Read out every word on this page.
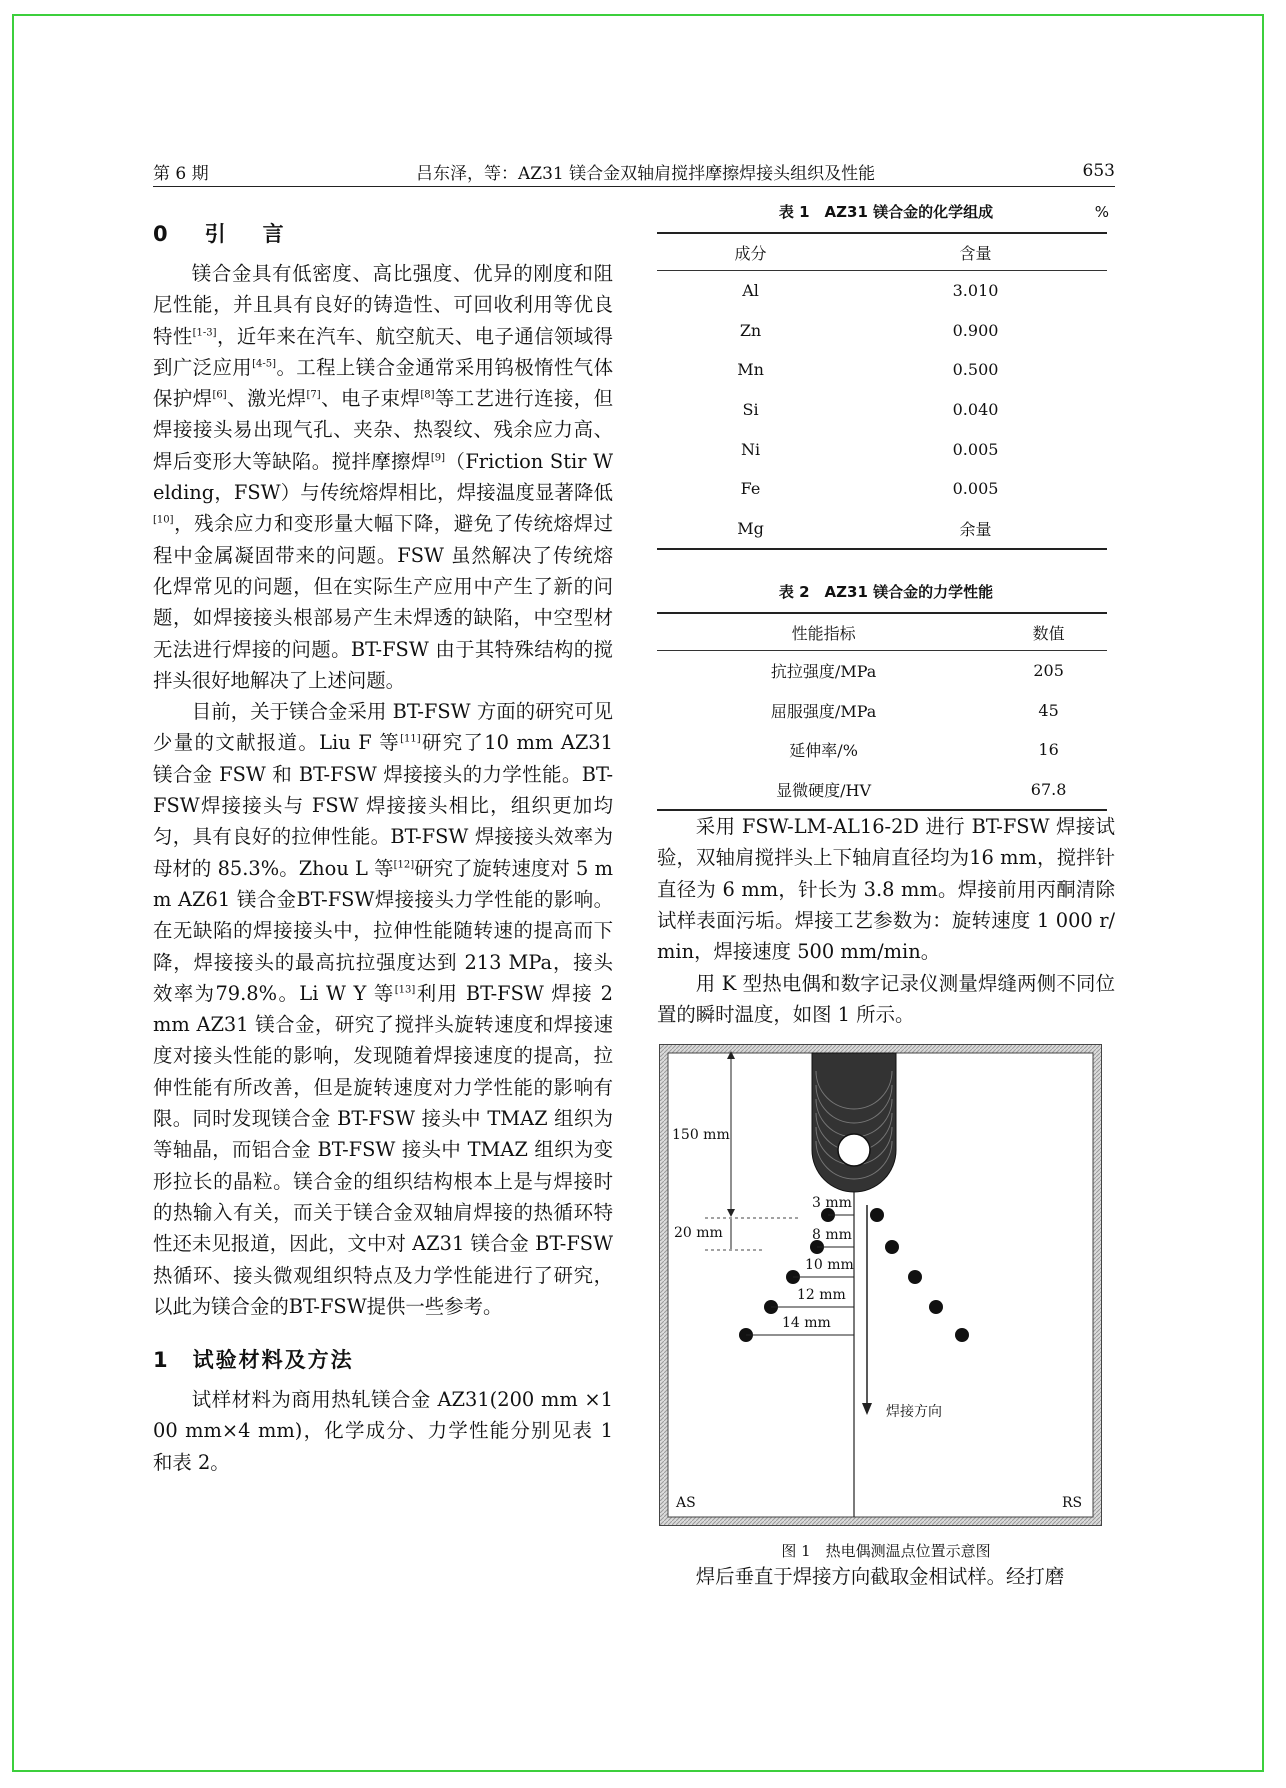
第 6 期	吕东泽，等：AZ31 镁合金双轴肩搅拌摩擦焊接头组织及性能	653
0　引　言

镁合金具有低密度、高比强度、优异的刚度和阻尼性能，并且具有良好的铸造性、可回收利用等优良特性[1-3]，近年来在汽车、航空航天、电子通信领域得到广泛应用[4-5]。工程上镁合金通常采用钨极惰性气体保护焊[6]、激光焊[7]、电子束焊[8]等工艺进行连接，但焊接接头易出现气孔、夹杂、热裂纹、残余应力高、焊后变形大等缺陷。搅拌摩擦焊[9]（Friction Stir Welding，FSW）与传统熔焊相比，焊接温度显著降低[10]，残余应力和变形量大幅下降，避免了传统熔焊过程中金属凝固带来的问题。FSW 虽然解决了传统熔化焊常见的问题，但在实际生产应用中产生了新的问题，如焊接接头根部易产生未焊透的缺陷，中空型材无法进行焊接的问题。BT-FSW 由于其特殊结构的搅拌头很好地解决了上述问题。

目前，关于镁合金采用 BT-FSW 方面的研究可见少量的文献报道。Liu F 等[11]研究了10 mm AZ31 镁合金 FSW 和 BT-FSW 焊接接头的力学性能。BT-FSW焊接接头与 FSW 焊接接头相比，组织更加均匀，具有良好的拉伸性能。BT-FSW 焊接接头效率为母材的 85.3%。Zhou L 等[12]研究了旋转速度对 5 mm AZ61 镁合金BT-FSW焊接接头力学性能的影响。在无缺陷的焊接接头中，拉伸性能随转速的提高而下降，焊接接头的最高抗拉强度达到 213 MPa，接头效率为79.8%。Li W Y 等[13]利用 BT-FSW 焊接 2 mm AZ31 镁合金，研究了搅拌头旋转速度和焊接速度对接头性能的影响，发现随着焊接速度的提高，拉伸性能有所改善，但是旋转速度对力学性能的影响有限。同时发现镁合金 BT-FSW 接头中 TMAZ 组织为等轴晶，而铝合金 BT-FSW 接头中 TMAZ 组织为变形拉长的晶粒。镁合金的组织结构根本上是与焊接时的热输入有关，而关于镁合金双轴肩焊接的热循环特性还未见报道，因此，文中对 AZ31 镁合金 BT-FSW 热循环、接头微观组织特点及力学性能进行了研究，以此为镁合金的BT-FSW提供一些参考。

1　试验材料及方法

试样材料为商用热轧镁合金 AZ31(200 mm ×100 mm×4 mm)，化学成分、力学性能分别见表 1 和表 2。

表 1　AZ31 镁合金的化学组成	%
成分	含量
Al	3.010
Zn	0.900
Mn	0.500
Si	0.040
Ni	0.005
Fe	0.005
Mg	余量
表 2　AZ31 镁合金的力学性能
性能指标	数值
抗拉强度/MPa	205
屈服强度/MPa	45
延伸率/%	16
显微硬度/HV	67.8

采用 FSW-LM-AL16-2D 进行 BT-FSW 焊接试验，双轴肩搅拌头上下轴肩直径均为16 mm，搅拌针直径为 6 mm，针长为 3.8 mm。焊接前用丙酮清除试样表面污垢。焊接工艺参数为：旋转速度 1 000 r/min，焊接速度 500 mm/min。

用 K 型热电偶和数字记录仪测量焊缝两侧不同位置的瞬时温度，如图 1 所示。

150 mm
20 mm
3 mm
8 mm
10 mm
12 mm
14 mm
焊接方向
AS	RS
图 1　热电偶测温点位置示意图

焊后垂直于焊接方向截取金相试样。经打磨
